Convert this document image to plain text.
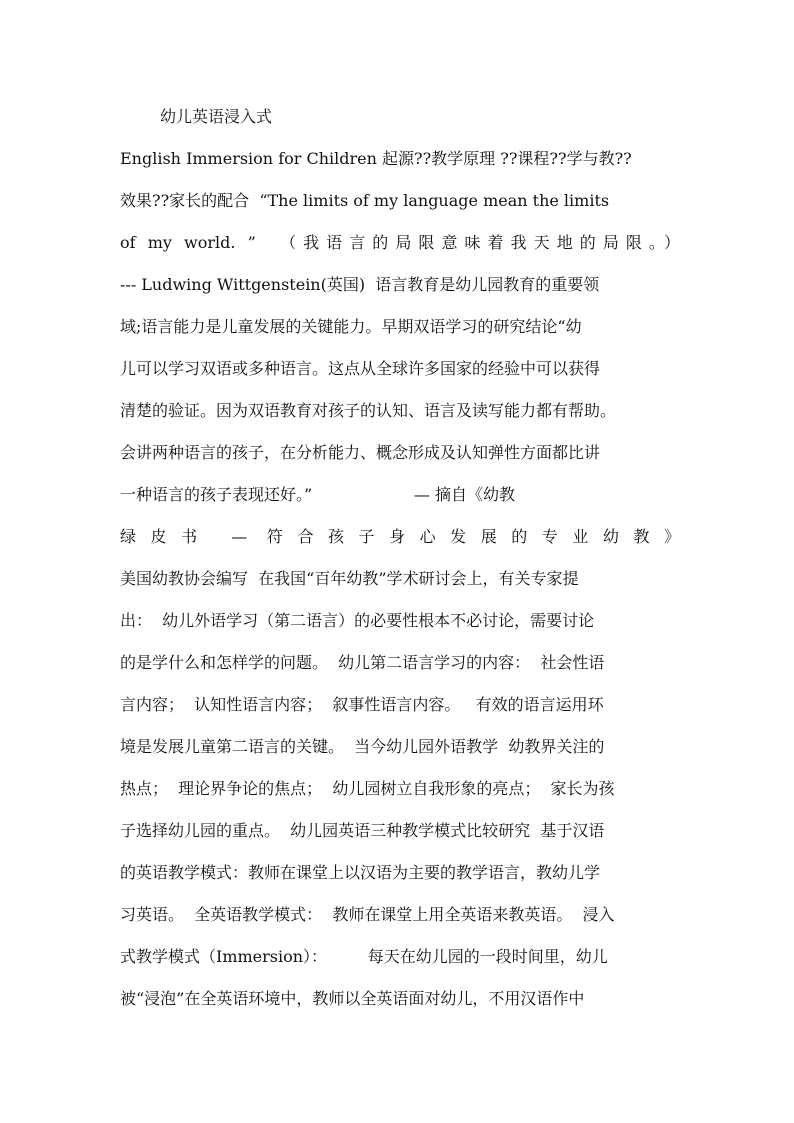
幼儿英语浸入式
English Immersion for Children 起源??教学原理 ??课程??学与教??
效果??家长的配合  “The limits of my language mean the limits
of my world. ”  （我语言的局限意味着我天地的局限。）
--- Ludwing Wittgenstein(英国)  语言教育是幼儿园教育的重要领
域;语言能力是儿童发展的关键能力。早期双语学习的研究结论“幼
儿可以学习双语或多种语言。这点从全球许多国家的经验中可以获得
清楚的验证。因为双语教育对孩子的认知、语言及读写能力都有帮助。
会讲两种语言的孩子，在分析能力、概念形成及认知弹性方面都比讲
一种语言的孩子表现还好。”                    — 摘自《幼教
绿皮书 — 符合孩子身心发展的专业幼教》
美国幼教协会编写  在我国“百年幼教”学术研讨会上，有关专家提
出：  幼儿外语学习（第二语言）的必要性根本不必讨论，需要讨论
的是学什么和怎样学的问题。  幼儿第二语言学习的内容：  社会性语
言内容；  认知性语言内容；  叙事性语言内容。   有效的语言运用环
境是发展儿童第二语言的关键。  当今幼儿园外语教学  幼教界关注的
热点；  理论界争论的焦点；  幼儿园树立自我形象的亮点；  家长为孩
子选择幼儿园的重点。  幼儿园英语三种教学模式比较研究  基于汉语
的英语教学模式：教师在课堂上以汉语为主要的教学语言，教幼儿学
习英语。  全英语教学模式：  教师在课堂上用全英语来教英语。  浸入
式教学模式（Immersion）：        每天在幼儿园的一段时间里，幼儿
被“浸泡”在全英语环境中，教师以全英语面对幼儿，不用汉语作中
